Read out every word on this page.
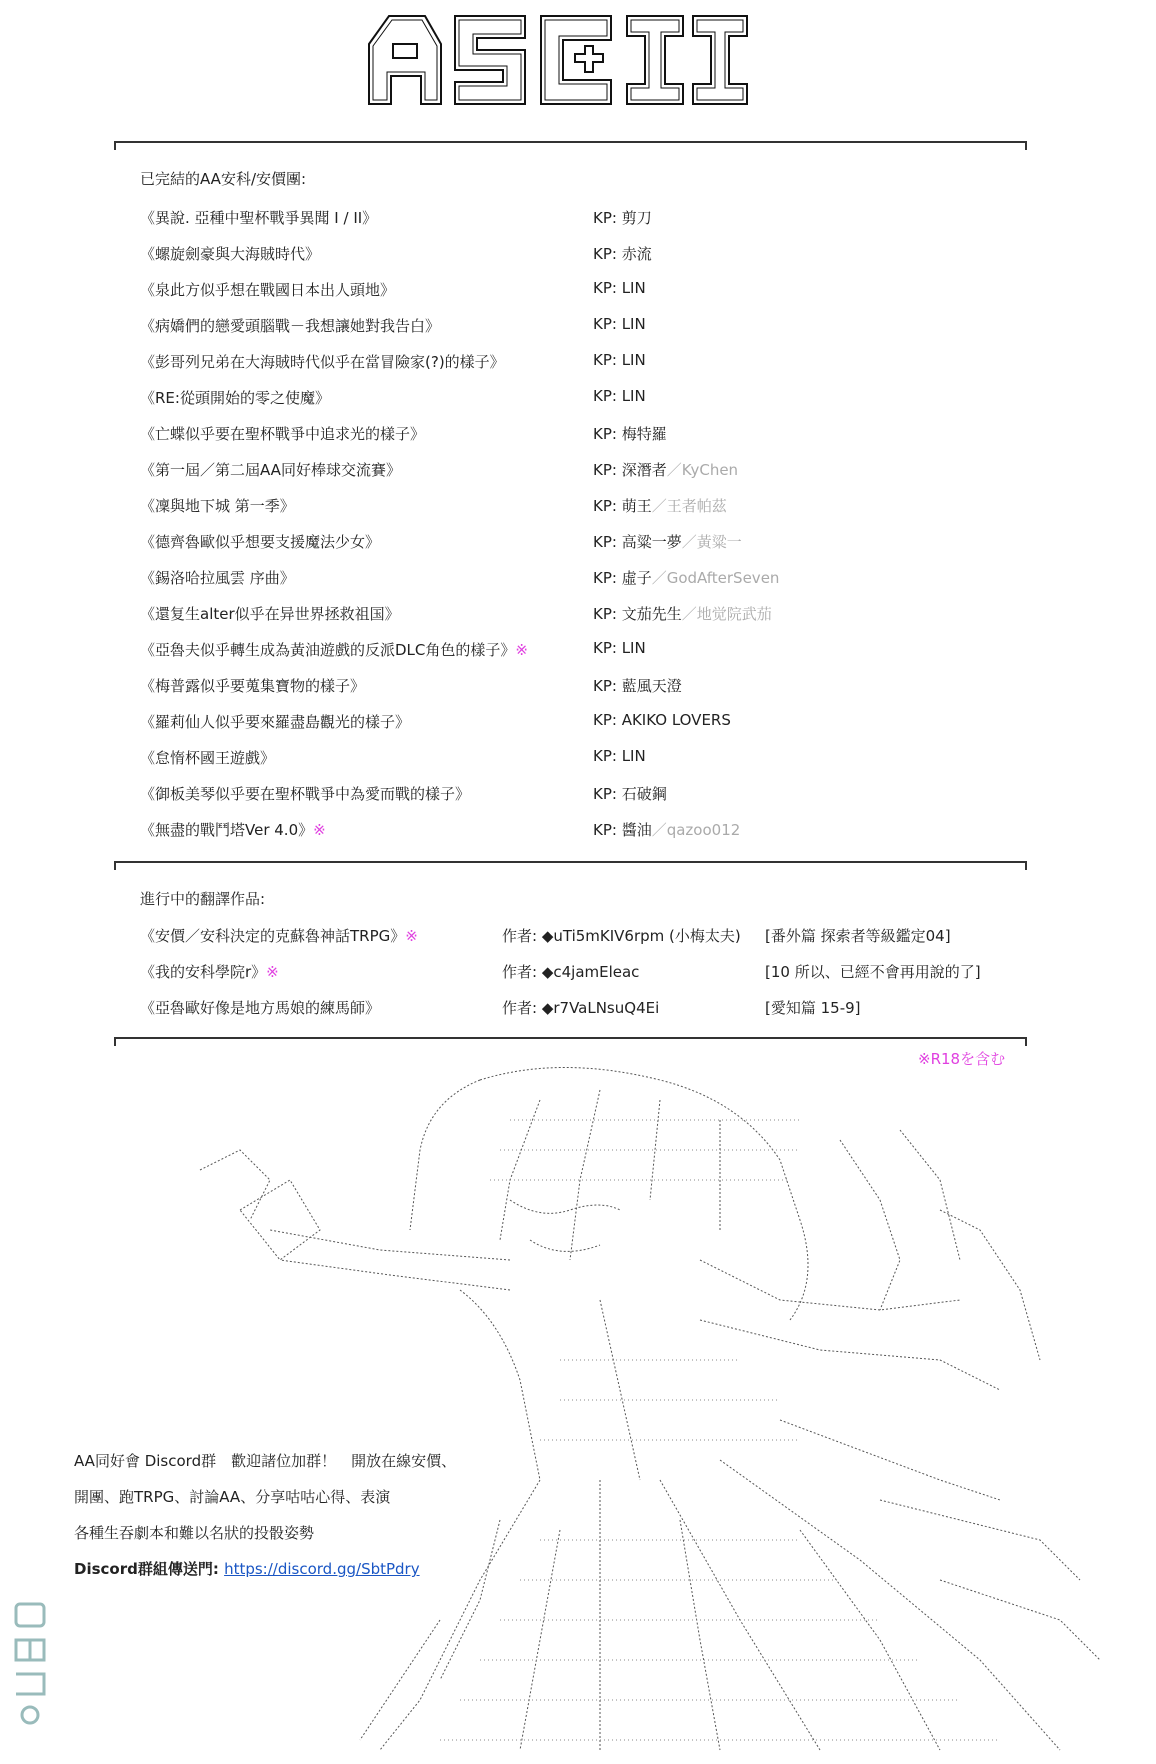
已完結的AA安科/安價團:
《異說. 亞種中聖杯戰爭異聞 I / II》	KP: 剪刀
《螺旋劍豪與大海賊時代》	KP: 赤流
《泉此方似乎想在戰國日本出人頭地》	KP: LIN
《病嬌們的戀愛頭腦戰－我想讓她對我告白》	KP: LIN
《彭哥列兄弟在大海賊時代似乎在當冒險家(?)的樣子》	KP: LIN
《RE:從頭開始的零之使魔》	KP: LIN
《亡蝶似乎要在聖杯戰爭中追求光的樣子》	KP: 梅特羅
《第一屆／第二屆AA同好棒球交流賽》	KP: 深潛者／KyChen
《凜與地下城 第一季》	KP: 萌王／王者帕茲
《德齊魯歐似乎想要支援魔法少女》	KP: 高粱一夢／黃粱一
《錫洛哈拉風雲 序曲》	KP: 虛子／GodAfterSeven
《還复生alter似乎在异世界拯救祖国》	KP: 文茄先生／地觉院武茄
《亞魯夫似乎轉生成為黃油遊戲的反派DLC角色的樣子》※	KP: LIN
《梅普露似乎要蒐集寶物的樣子》	KP: 藍風天澄
《羅莉仙人似乎要來羅盡島觀光的樣子》	KP: AKIKO LOVERS
《怠惰杯國王遊戲》	KP: LIN
《御板美琴似乎要在聖杯戰爭中為愛而戰的樣子》	KP: 石破鋼
《無盡的戰鬥塔Ver 4.0》※	KP: 醬油／qazoo012
進行中的翻譯作品:
《安價／安科決定的克蘇魯神話TRPG》※	作者: ◆uTi5mKIV6rpm (小梅太夫) [番外篇 探索者等級鑑定04]
《我的安科學院r》※	作者: ◆c4jamEleac	[10 所以、已經不會再用說的了]
《亞魯歐好像是地方馬娘的練馬師》	作者: ◆r7VaLNsuQ4Ei	[愛知篇 15-9]
※R18を含む
AA同好會 Discord群　歡迎諸位加群！　開放在線安價、
開團、跑TRPG、討論AA、分享咕咕心得、表演
各種生吞劇本和難以名狀的投骰姿勢
Discord群組傳送門: https://discord.gg/SbtPdry
